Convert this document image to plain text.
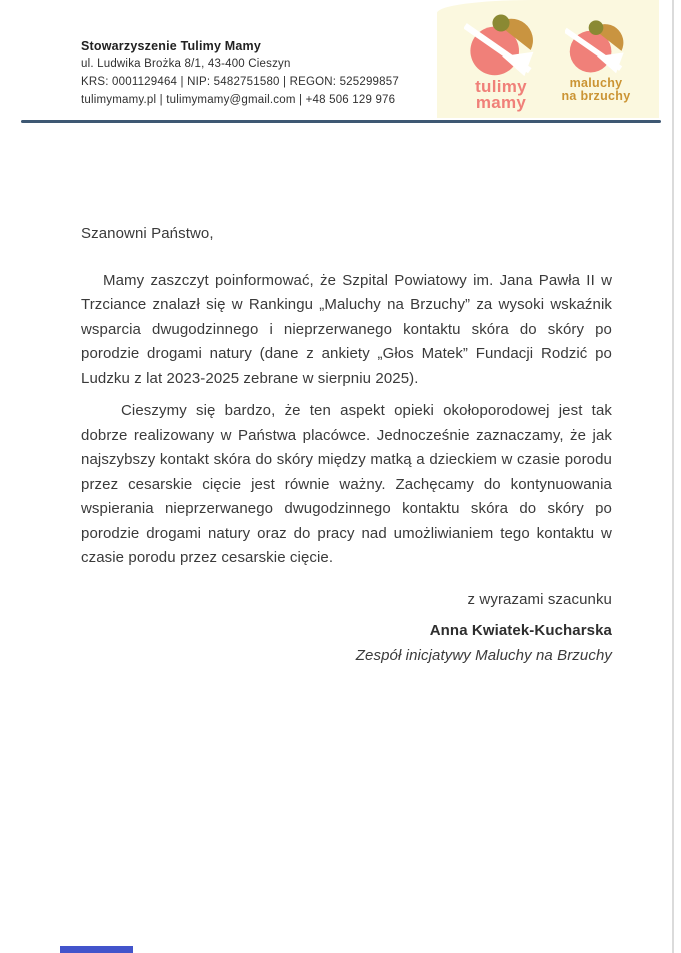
Stowarzyszenie Tulimy Mamy
ul. Ludwika Brożka 8/1, 43-400 Cieszyn
KRS: 0001129464 | NIP: 5482751580 | REGON: 525299857
tulimymamy.pl | tulimymamy@gmail.com | +48 506 129 976
tulimy
mamy
maluchy
na brzuchy
Szanowni Państwo,

Mamy zaszczyt poinformować, że Szpital Powiatowy im. Jana Pawła II w Trzciance znalazł się w Rankingu „Maluchy na Brzuchy” za wysoki wskaźnik wsparcia dwugodzinnego i nieprzerwanego kontaktu skóra do skóry po porodzie drogami natury (dane z ankiety „Głos Matek” Fundacji Rodzić po Ludzku z lat 2023-2025 zebrane w sierpniu 2025).

Cieszymy się bardzo, że ten aspekt opieki okołoporodowej jest tak dobrze realizowany w Państwa placówce. Jednocześnie zaznaczamy, że jak najszybszy kontakt skóra do skóry między matką a dzieckiem w czasie porodu przez cesarskie cięcie jest równie ważny. Zachęcamy do kontynuowania wspierania nieprzerwanego dwugodzinnego kontaktu skóra do skóry po porodzie drogami natury oraz do pracy nad umożliwianiem tego kontaktu w czasie porodu przez cesarskie cięcie.

z wyrazami szacunku
Anna Kwiatek-Kucharska
Zespół inicjatywy Maluchy na Brzuchy
